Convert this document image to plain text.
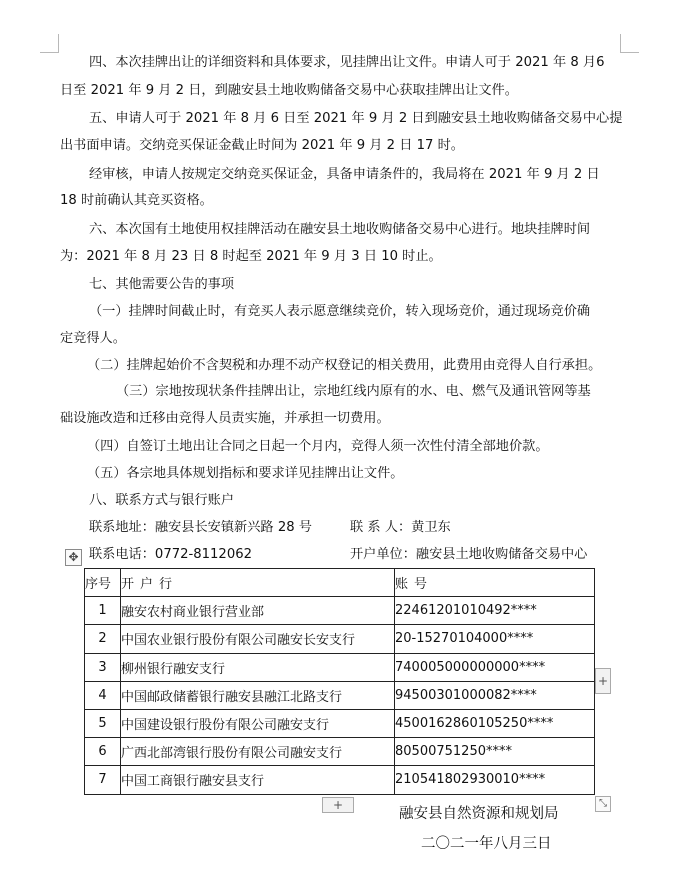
四、本次挂牌出让的详细资料和具体要求，见挂牌出让文件。申请人可于 2021 年 8 月6

日至 2021 年 9 月 2 日，到融安县土地收购储备交易中心获取挂牌出让文件。

五、申请人可于 2021 年 8 月 6 日至 2021 年 9 月 2 日到融安县土地收购储备交易中心提

出书面申请。交纳竞买保证金截止时间为 2021 年 9 月 2 日 17 时。

经审核，申请人按规定交纳竞买保证金，具备申请条件的，我局将在 2021 年 9 月 2 日

18 时前确认其竞买资格。

六、本次国有土地使用权挂牌活动在融安县土地收购储备交易中心进行。地块挂牌时间

为：2021 年 8 月 23 日 8 时起至 2021 年 9 月 3 日 10 时止。

七、其他需要公告的事项

（一）挂牌时间截止时，有竞买人表示愿意继续竞价，转入现场竞价，通过现场竞价确

定竞得人。

（二）挂牌起始价不含契税和办理不动产权登记的相关费用，此费用由竞得人自行承担。

（三）宗地按现状条件挂牌出让，宗地红线内原有的水、电、燃气及通讯管网等基

础设施改造和迁移由竞得人员责实施，并承担一切费用。

（四）自签订土地出让合同之日起一个月内，竞得人须一次性付清全部地价款。

（五）各宗地具体规划指标和要求详见挂牌出让文件。

八、联系方式与银行账户

联系地址：融安县长安镇新兴路 28 号	联 系 人：黄卫东

联系电话：0772-8112062	开户单位：融安县土地收购储备交易中心

✥
序号	开户行	账号
1	融安农村商业银行营业部	22461201010492****
2	中国农业银行股份有限公司融安长安支行	20-15270104000****
3	柳州银行融安支行	740005000000000****
4	中国邮政储蓄银行融安县融江北路支行	94500301000082****
5	中国建设银行股份有限公司融安支行	4500162860105250****
6	广西北部湾银行股份有限公司融安支行	80500751250****
7	中国工商银行融安县支行	210541802930010****
+
+	⤡
融安县自然资源和规划局
二〇二一年八月三日
